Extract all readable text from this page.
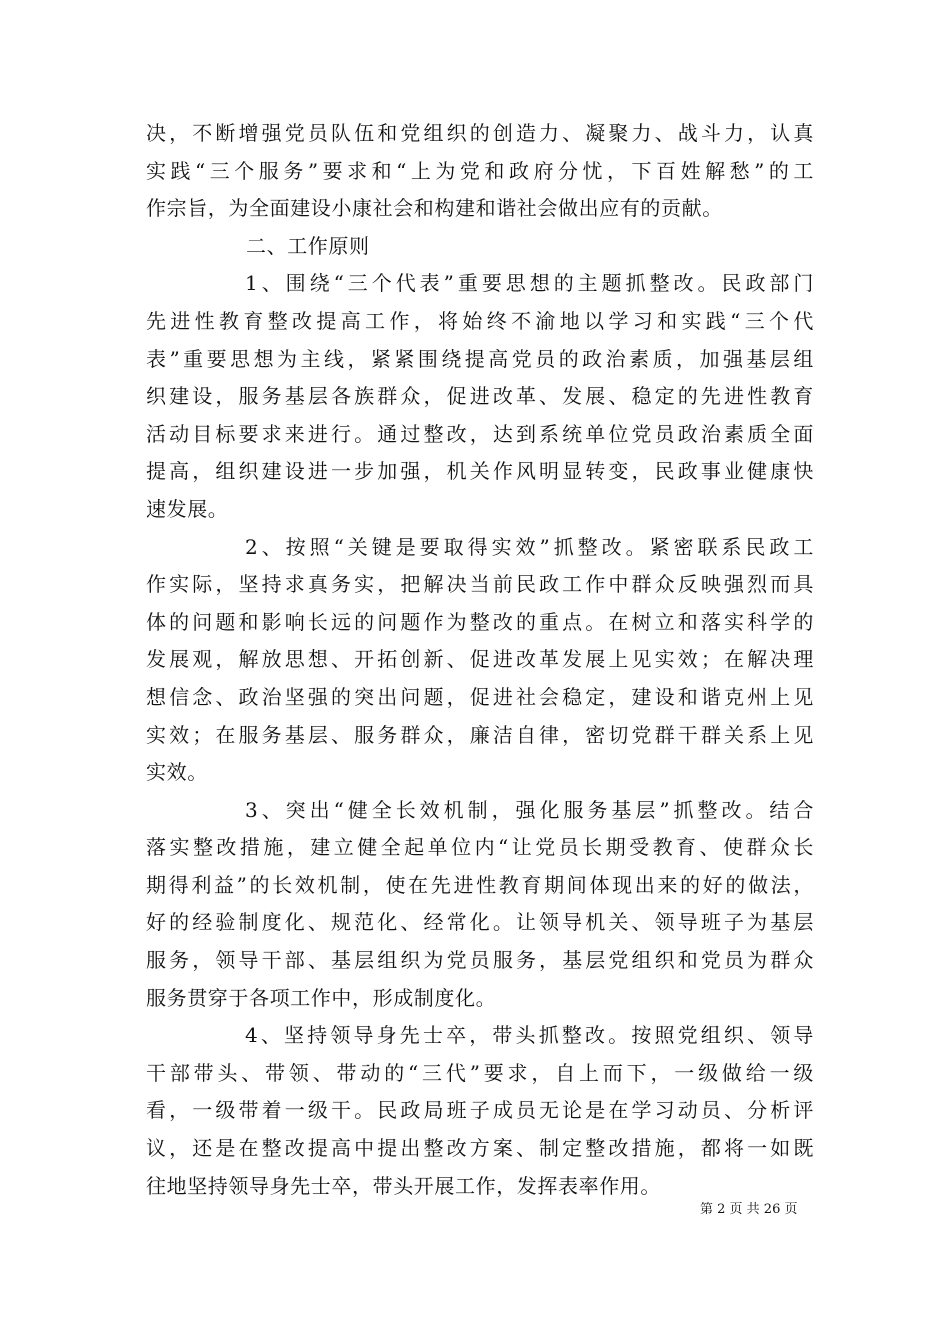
决，不断增强党员队伍和党组织的创造力、凝聚力、战斗力，认真
实践“三个服务”要求和“上为党和政府分忧，下百姓解愁”的工
作宗旨，为全面建设小康社会和构建和谐社会做出应有的贡献。
二、工作原则
1、围绕“三个代表”重要思想的主题抓整改。民政部门
先进性教育整改提高工作，将始终不渝地以学习和实践“三个代
表”重要思想为主线，紧紧围绕提高党员的政治素质，加强基层组
织建设，服务基层各族群众，促进改革、发展、稳定的先进性教育
活动目标要求来进行。通过整改，达到系统单位党员政治素质全面
提高，组织建设进一步加强，机关作风明显转变，民政事业健康快
速发展。
2、按照“关键是要取得实效”抓整改。紧密联系民政工
作实际，坚持求真务实，把解决当前民政工作中群众反映强烈而具
体的问题和影响长远的问题作为整改的重点。在树立和落实科学的
发展观，解放思想、开拓创新、促进改革发展上见实效；在解决理
想信念、政治坚强的突出问题，促进社会稳定，建设和谐克州上见
实效；在服务基层、服务群众，廉洁自律，密切党群干群关系上见
实效。
3、突出“健全长效机制，强化服务基层”抓整改。结合
落实整改措施，建立健全起单位内“让党员长期受教育、使群众长
期得利益”的长效机制，使在先进性教育期间体现出来的好的做法，
好的经验制度化、规范化、经常化。让领导机关、领导班子为基层
服务，领导干部、基层组织为党员服务，基层党组织和党员为群众
服务贯穿于各项工作中，形成制度化。
4、坚持领导身先士卒，带头抓整改。按照党组织、领导
干部带头、带领、带动的“三代”要求，自上而下，一级做给一级
看，一级带着一级干。民政局班子成员无论是在学习动员、分析评
议，还是在整改提高中提出整改方案、制定整改措施，都将一如既
往地坚持领导身先士卒，带头开展工作，发挥表率作用。
第 2 页 共 26 页
